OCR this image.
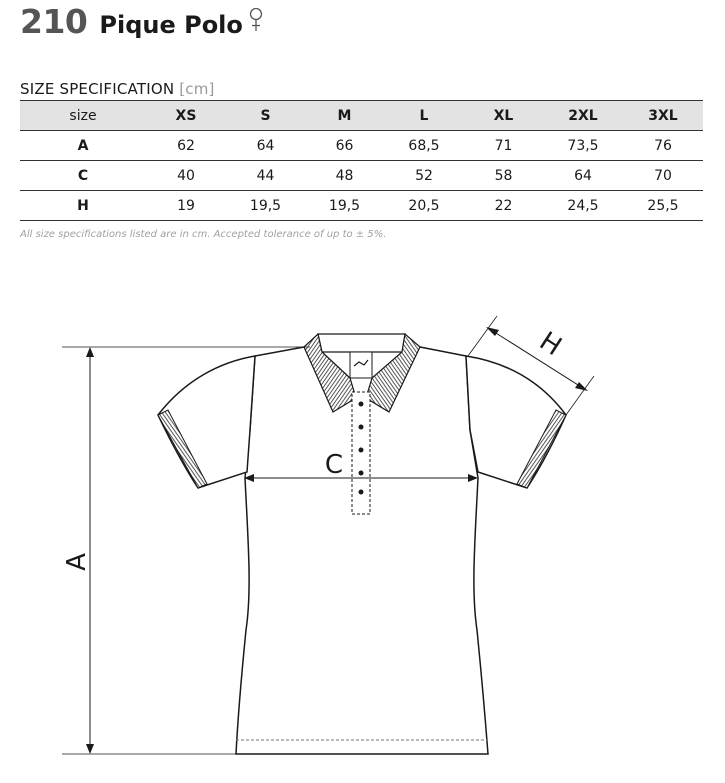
210 Pique Polo
SIZE SPECIFICATION [cm]
size	XS	S	M	L	XL	2XL	3XL
A	62	64	66	68,5	71	73,5	76
C	40	44	48	52	58	64	70
H	19	19,5	19,5	20,5	22	24,5	25,5
All size specifications listed are in cm. Accepted tolerance of up to ± 5%.
A
C
H
